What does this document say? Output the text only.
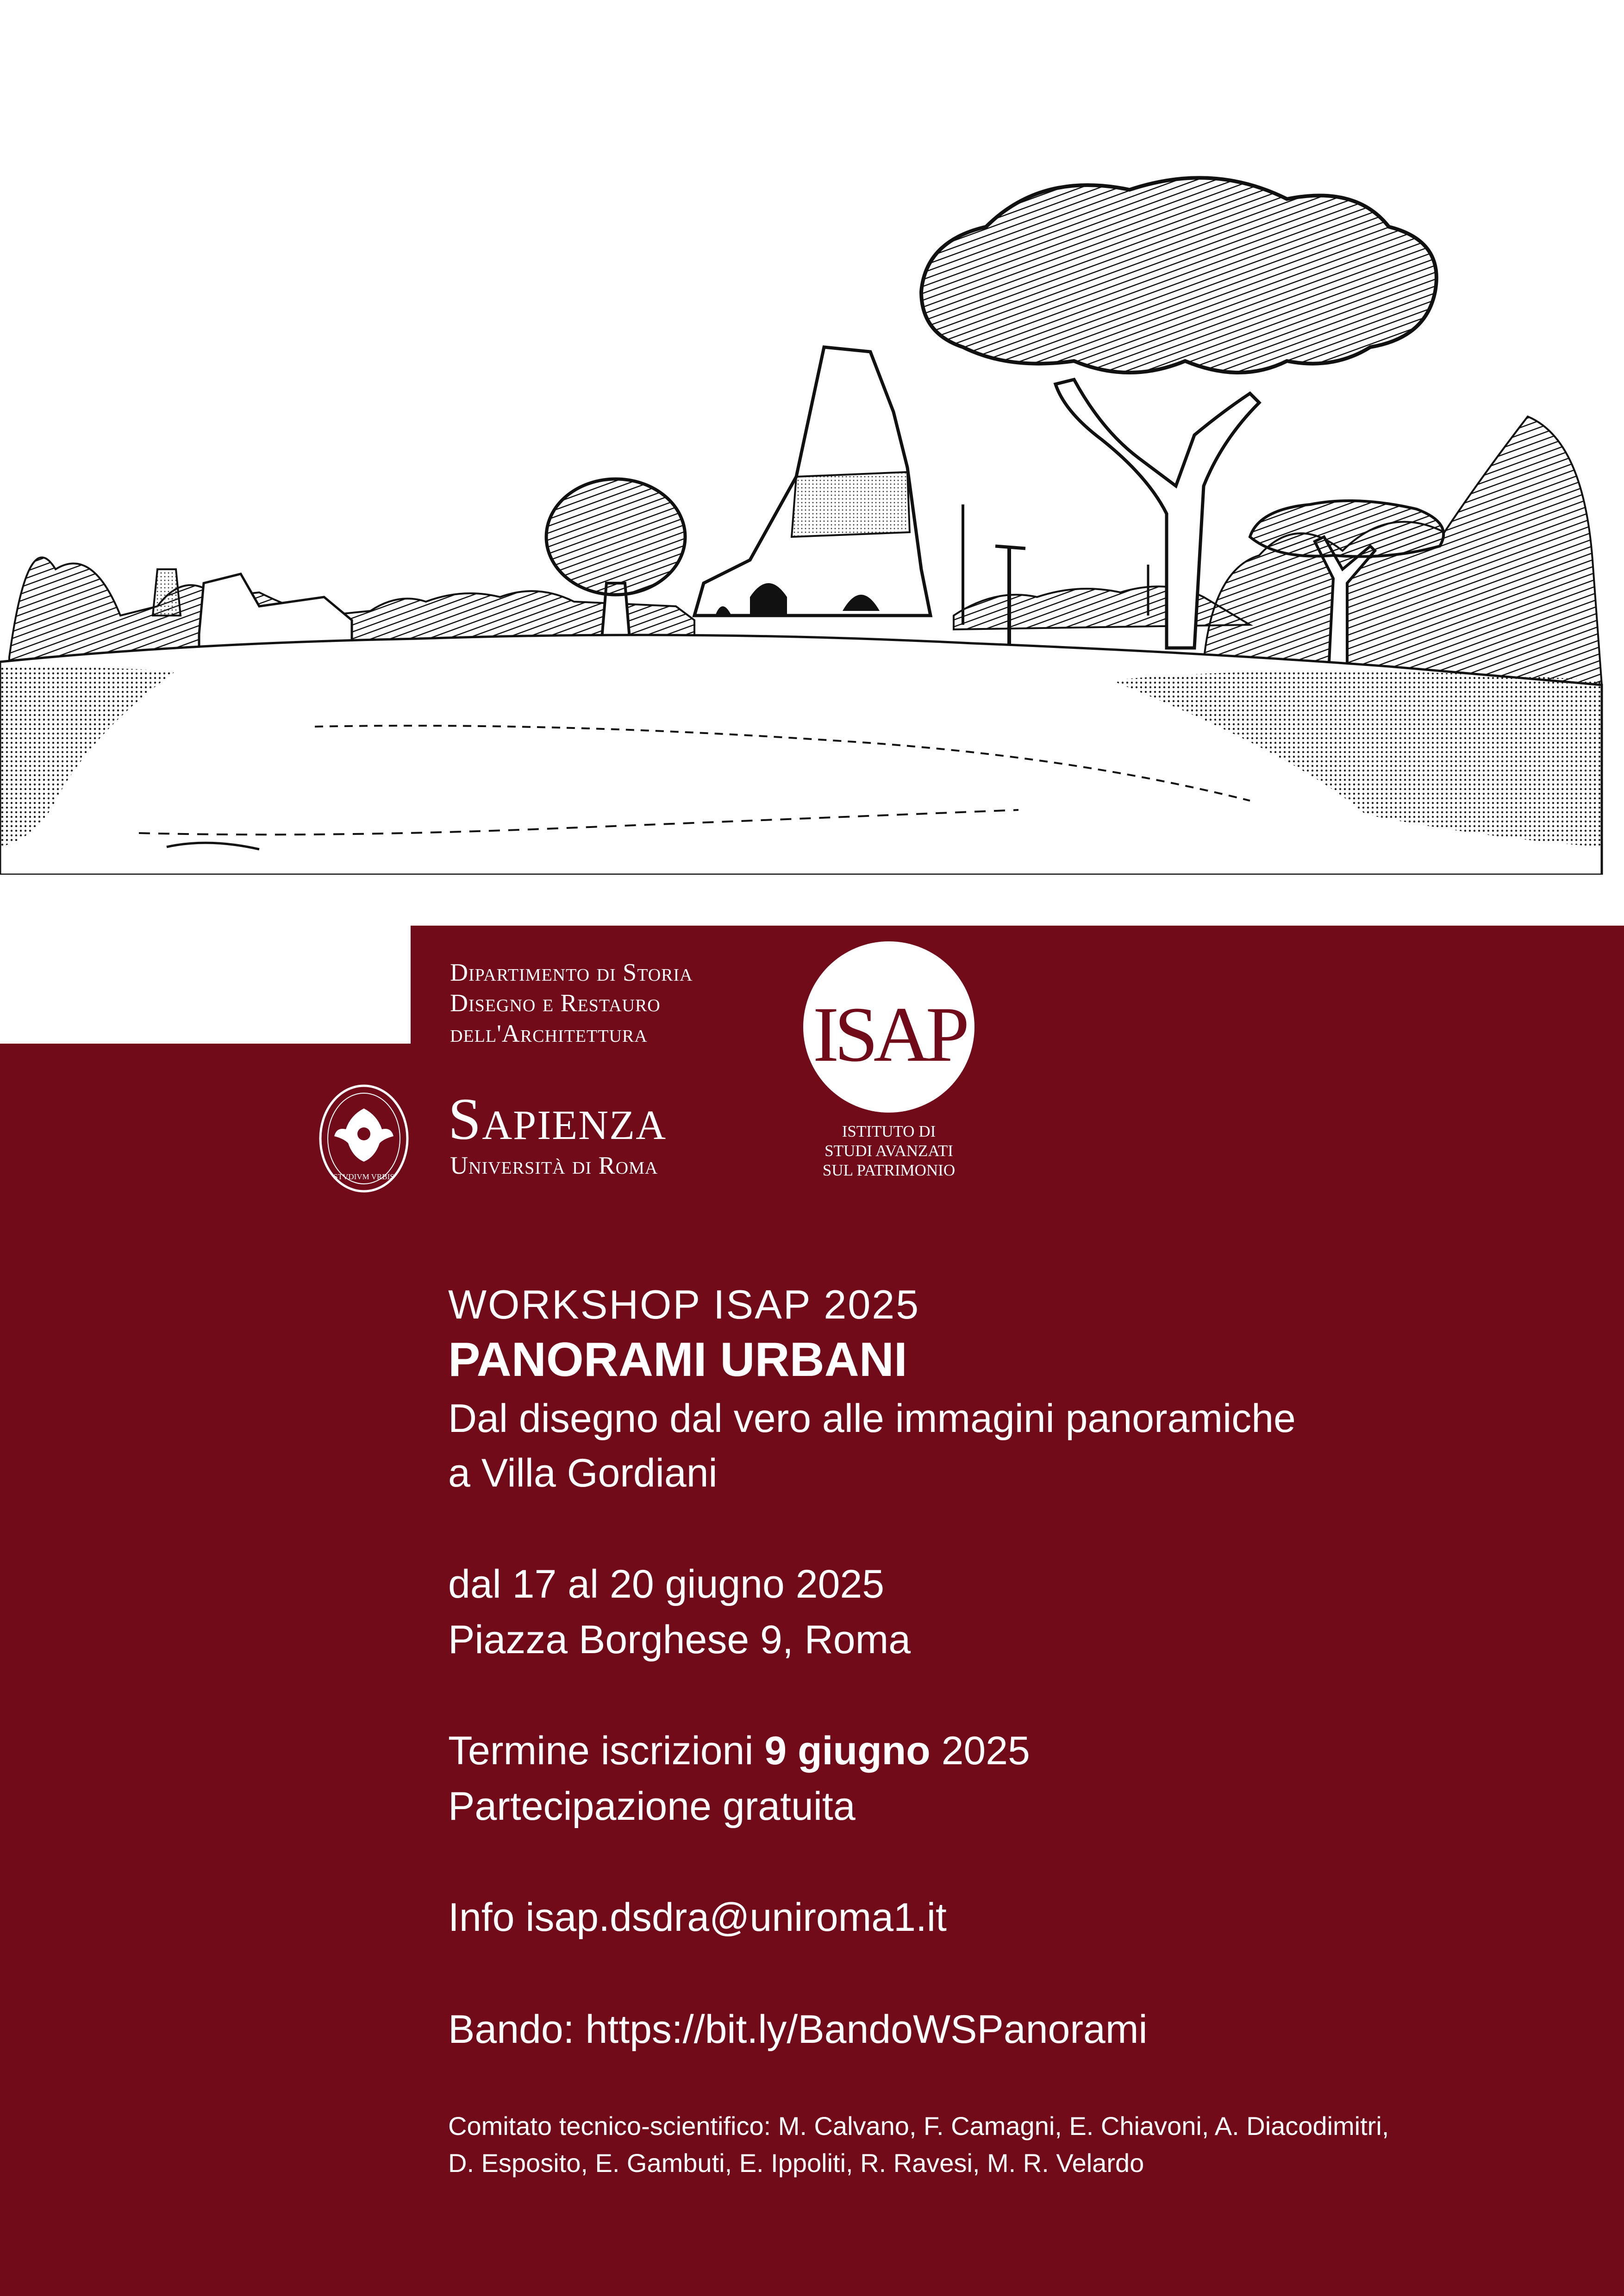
Dipartimento di Storia
Disegno e Restauro
dell'Architettura
STVDIVM VRBIS
Sapienza
Università di Roma
ISAP
ISTITUTO DI
STUDI AVANZATI
SUL PATRIMONIO
WORKSHOP ISAP 2025
PANORAMI URBANI
Dal disegno dal vero alle immagini panoramiche
a Villa Gordiani
dal 17 al 20 giugno 2025
Piazza Borghese 9, Roma
Termine iscrizioni 9 giugno 2025
Partecipazione gratuita
Info isap.dsdra@uniroma1.it
Bando: https://bit.ly/BandoWSPanorami
Comitato tecnico-scientifico: M. Calvano, F. Camagni, E. Chiavoni, A. Diacodimitri,
D. Esposito, E. Gambuti, E. Ippoliti, R. Ravesi, M. R. Velardo
